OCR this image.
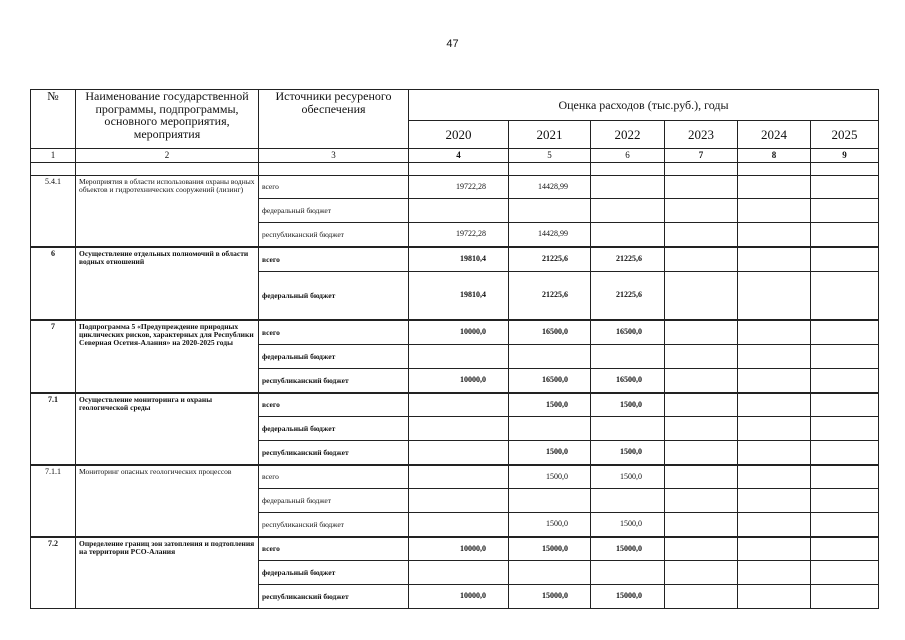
47
№	Наименование государственной программы, подпрограммы, основного мероприятия, мероприятия	Источники ресуреного обеспечения	Оценка расходов (тыс.руб.), годы					
			2020	2021	2022	2023	2024	2025
1	2	3	4	5	6	7	8	9

5.4.1	Мероприятия в области использования охраны водных объектов и гидротехнических сооружений (лизинг)	всего	19722,28	14428,99				
		федеральный бюджет						
		республиканский бюджет	19722,28	14428,99				

6	Осуществление отдельных полномочий в области водных отношений	всего	19810,4	21225,6	21225,6			
		федеральный бюджет	19810,4	21225,6	21225,6			

7	Подпрограмма 5 «Предупреждение природных циклических рисков, характерных для Республики Северная Осетия-Алания» на 2020-2025 годы	всего	10000,0	16500,0	16500,0			
		федеральный бюджет						
		республиканский бюджет	10000,0	16500,0	16500,0			

7.1	Осуществление мониторинга и охраны геологической среды	всего		1500,0	1500,0			
		федеральный бюджет						
		республиканский бюджет		1500,0	1500,0			

7.1.1	Мониторинг опасных геологических процессов	всего		1500,0	1500,0			
		федеральный бюджет						
		республиканский бюджет		1500,0	1500,0			

7.2	Определение границ зон затопления и подтопления на территории РСО-Алания	всего	10000,0	15000,0	15000,0			
		федеральный бюджет						
		республиканский бюджет	10000,0	15000,0	15000,0			
